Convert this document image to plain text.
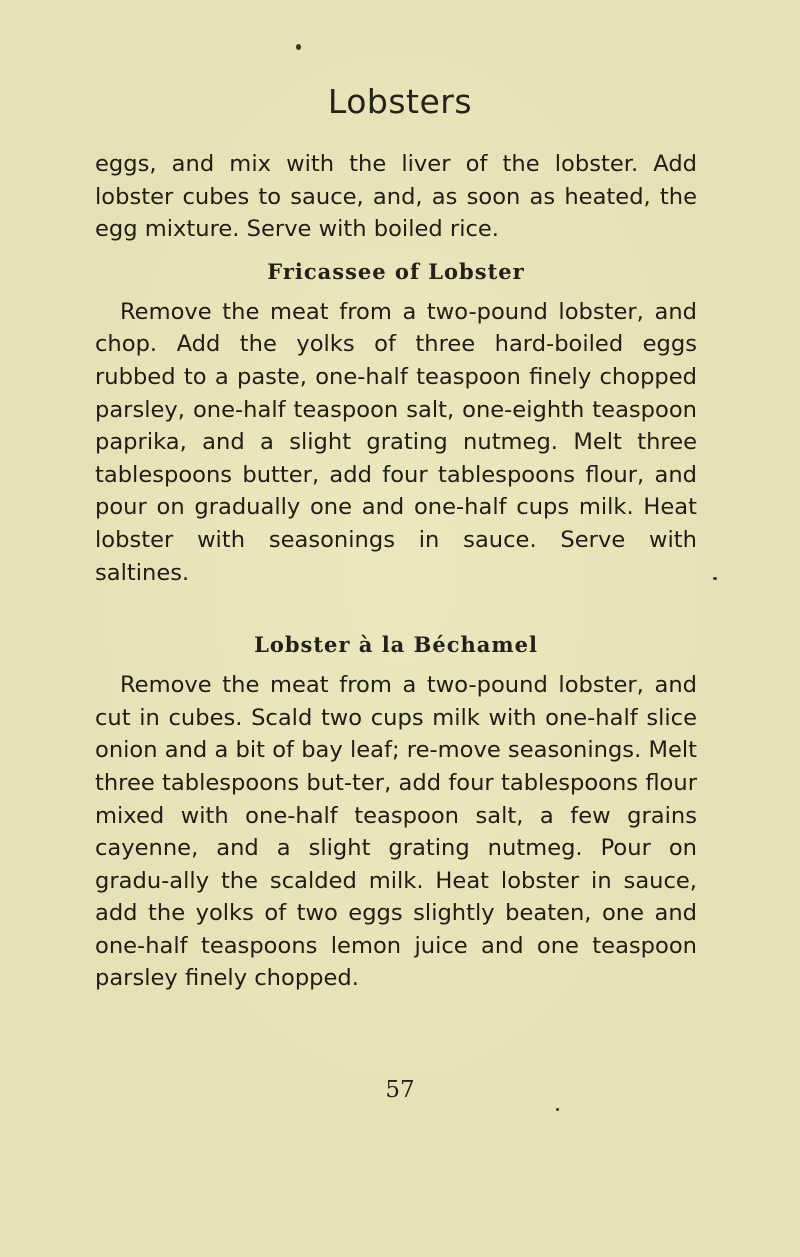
Lobsters

eggs, and mix with the liver of the lobster. Add lobster cubes to sauce, and, as soon as heated, the egg mixture. Serve with boiled rice.

Fricassee of Lobster

Remove the meat from a two-pound lobster, and chop. Add the yolks of three hard-boiled eggs rubbed to a paste, one-half teaspoon finely chopped parsley, one-half teaspoon salt, one-eighth teaspoon paprika, and a slight grating nutmeg. Melt three tablespoons butter, add four tablespoons flour, and pour on gradually one and one-half cups milk. Heat lobster with seasonings in sauce. Serve with saltines.

Lobster à la Béchamel

Remove the meat from a two-pound lobster, and cut in cubes. Scald two cups milk with one-half slice onion and a bit of bay leaf; re-move seasonings. Melt three tablespoons but-ter, add four tablespoons flour mixed with one-half teaspoon salt, a few grains cayenne, and a slight grating nutmeg. Pour on gradu-ally the scalded milk. Heat lobster in sauce, add the yolks of two eggs slightly beaten, one and one-half teaspoons lemon juice and one teaspoon parsley finely chopped.

57
